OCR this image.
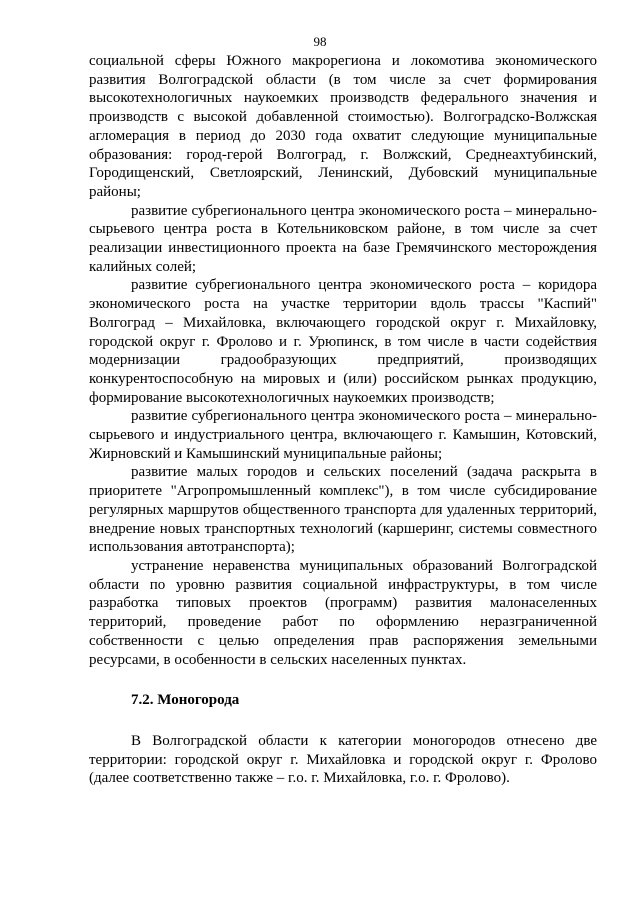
98

социальной сферы Южного макрорегиона и локомотива экономического развития Волгоградской области (в том числе за счет формирования высокотехнологичных наукоемких производств федерального значения и производств с высокой добавленной стоимостью). Волгоградско-Волжская агломерация в период до 2030 года охватит следующие муниципальные образования: город-герой Волгоград, г. Волжский, Среднеахтубинский, Городищенский, Светлоярский, Ленинский, Дубовский муниципальные районы;

развитие субрегионального центра экономического роста – минерально-сырьевого центра роста в Котельниковском районе, в том числе за счет реализации инвестиционного проекта на базе Гремячинского месторождения калийных солей;

развитие субрегионального центра экономического роста – коридора экономического роста на участке территории вдоль трассы "Каспий" Волгоград – Михайловка, включающего городской округ г. Михайловку, городской округ г. Фролово и г. Урюпинск, в том числе в части содействия модернизации градообразующих предприятий, производящих конкурентоспособную на мировых и (или) российском рынках продукцию, формирование высокотехнологичных наукоемких производств;

развитие субрегионального центра экономического роста – минерально-сырьевого и индустриального центра, включающего г. Камышин, Котовский, Жирновский и Камышинский муниципальные районы;

развитие малых городов и сельских поселений (задача раскрыта в приоритете "Агропромышленный комплекс"), в том числе субсидирование регулярных маршрутов общественного транспорта для удаленных территорий, внедрение новых транспортных технологий (каршеринг, системы совместного использования автотранспорта);

устранение неравенства муниципальных образований Волгоградской области по уровню развития социальной инфраструктуры, в том числе разработка типовых проектов (программ) развития малонаселенных территорий, проведение работ по оформлению неразграниченной собственности с целью определения прав распоряжения земельными ресурсами, в особенности в сельских населенных пунктах.

7.2. Моногорода

В Волгоградской области к категории моногородов отнесено две территории: городской округ г. Михайловка и городской округ г. Фролово (далее соответственно также – г.о. г. Михайловка, г.о. г. Фролово).
